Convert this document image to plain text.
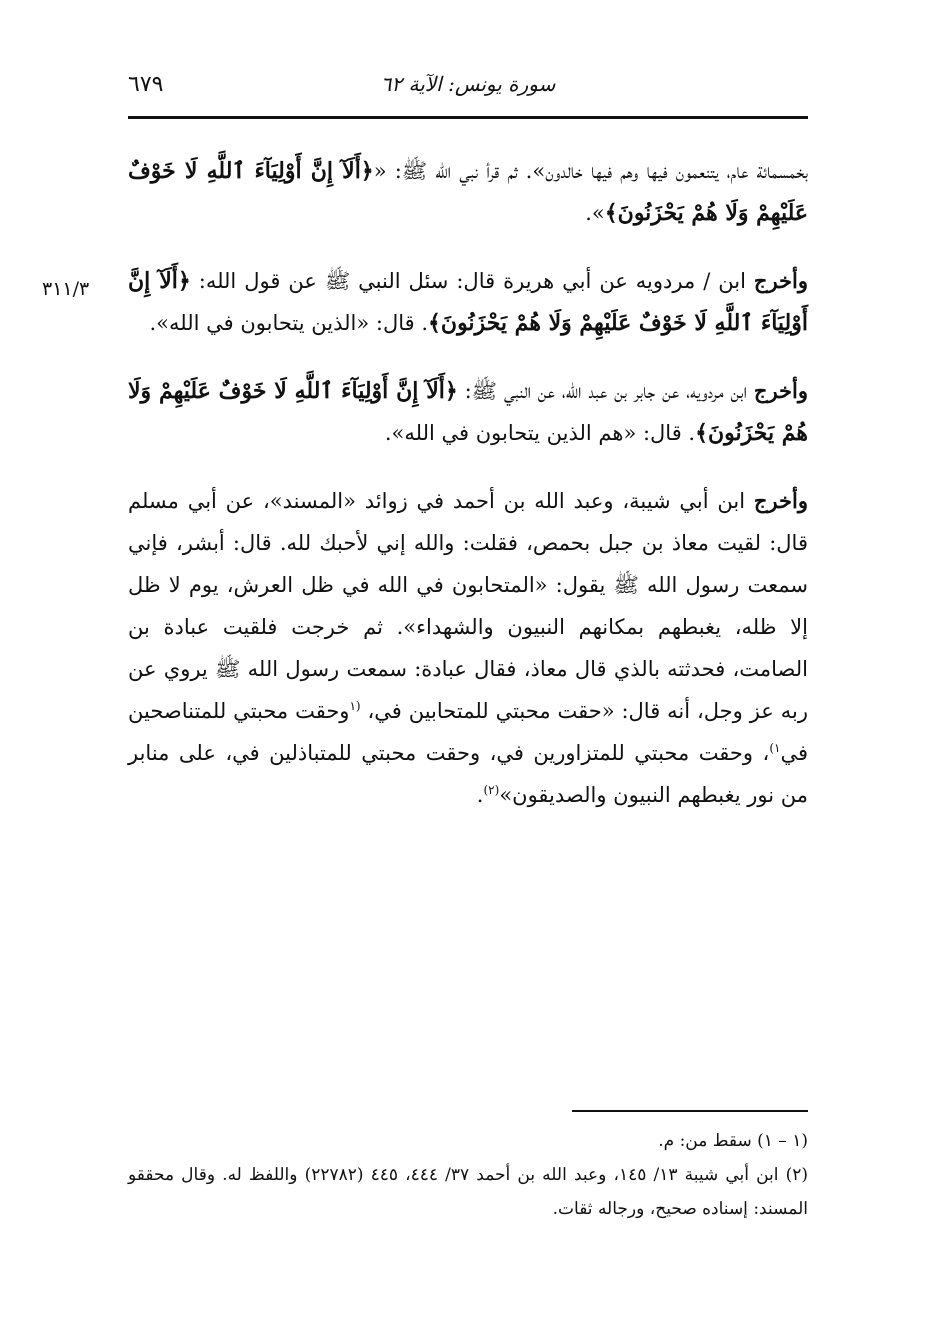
٦٧٩	سورة يونس: الآية ٦٢
٣١١/٣

بخمسمائة عام، يتنعمون فيها وهم فيها خالدون». ثم قرأ نبي الله ﷺ: «﴿أَلَآ إِنَّ أَوْلِيَآءَ ٱللَّهِ لَا خَوْفٌ عَلَيْهِمْ وَلَا هُمْ يَحْزَنُونَ﴾».

وأخرج ابن / مردويه عن أبي هريرة قال: سئل النبي ﷺ عن قول الله: ﴿أَلَآ إِنَّ أَوْلِيَآءَ ٱللَّهِ لَا خَوْفٌ عَلَيْهِمْ وَلَا هُمْ يَحْزَنُونَ﴾. قال: «الذين يتحابون في الله».

وأخرج ابن مردويه، عن جابر بن عبد الله، عن النبي ﷺ: ﴿أَلَآ إِنَّ أَوْلِيَآءَ ٱللَّهِ لَا خَوْفٌ عَلَيْهِمْ وَلَا هُمْ يَحْزَنُونَ﴾. قال: «هم الذين يتحابون في الله».

وأخرج ابن أبي شيبة، وعبد الله بن أحمد في زوائد «المسند»، عن أبي مسلم قال: لقيت معاذ بن جبل بحمص، فقلت: والله إني لأحبك لله. قال: أبشر، فإني سمعت رسول الله ﷺ يقول: «المتحابون في الله في ظل العرش، يوم لا ظل إلا ظله، يغبطهم بمكانهم النبيون والشهداء». ثم خرجت فلقيت عبادة بن الصامت، فحدثته بالذي قال معاذ، فقال عبادة: سمعت رسول الله ﷺ يروي عن ربه عز وجل، أنه قال: «حقت محبتي للمتحابين في، $^{(١}$وحقت محبتي للمتناصحين في$^{١)}$، وحقت محبتي للمتزاورين في، وحقت محبتي للمتباذلين في، على منابر من نور يغبطهم النبيون والصديقون»$^{(٢)}$.

(١ – ١) سقط من: م.

(٢) ابن أبي شيبة ١٣/ ١٤٥، وعبد الله بن أحمد ٣٧/ ٤٤٤، ٤٤٥ (٢٢٧٨٢) واللفظ له. وقال محققو المسند: إسناده صحيح، ورجاله ثقات.
